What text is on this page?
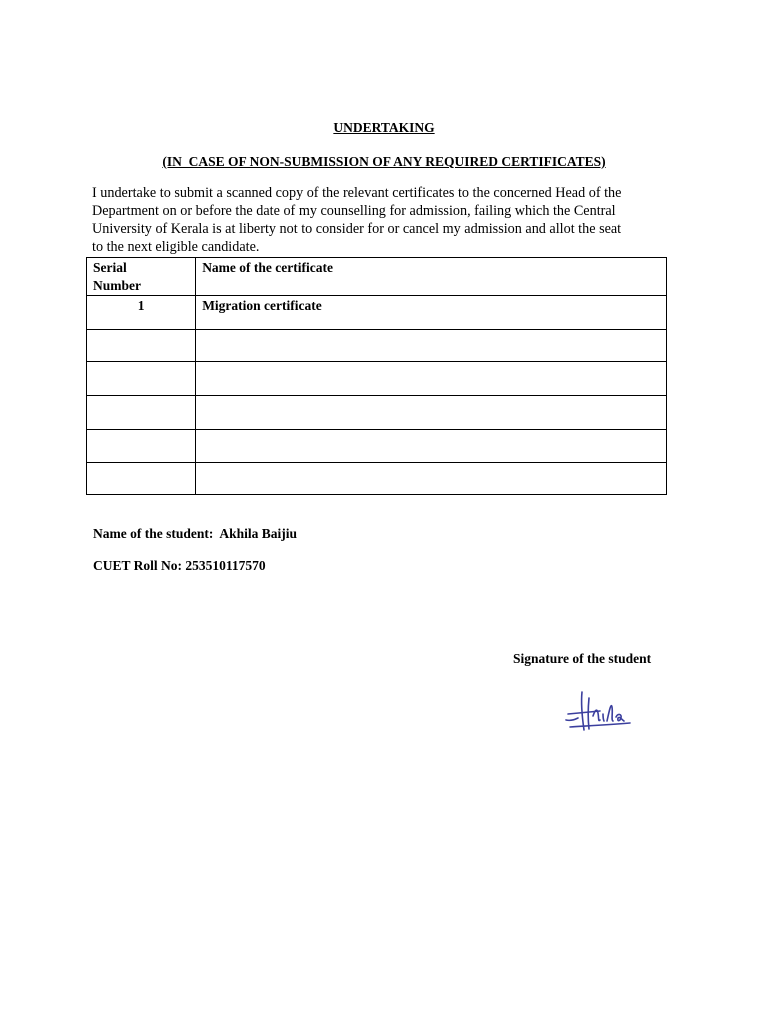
UNDERTAKING
(IN  CASE OF NON-SUBMISSION OF ANY REQUIRED CERTIFICATES)
I undertake to submit a scanned copy of the relevant certificates to the concerned Head of the
Department on or before the date of my counselling for admission, failing which the Central
University of Kerala is at liberty not to consider for or cancel my admission and allot the seat
to the next eligible candidate.
Serial
Number	Name of the certificate
1	Migration certificate

Name of the student:  Akhila Baijiu
CUET Roll No: 253510117570
Signature of the student
